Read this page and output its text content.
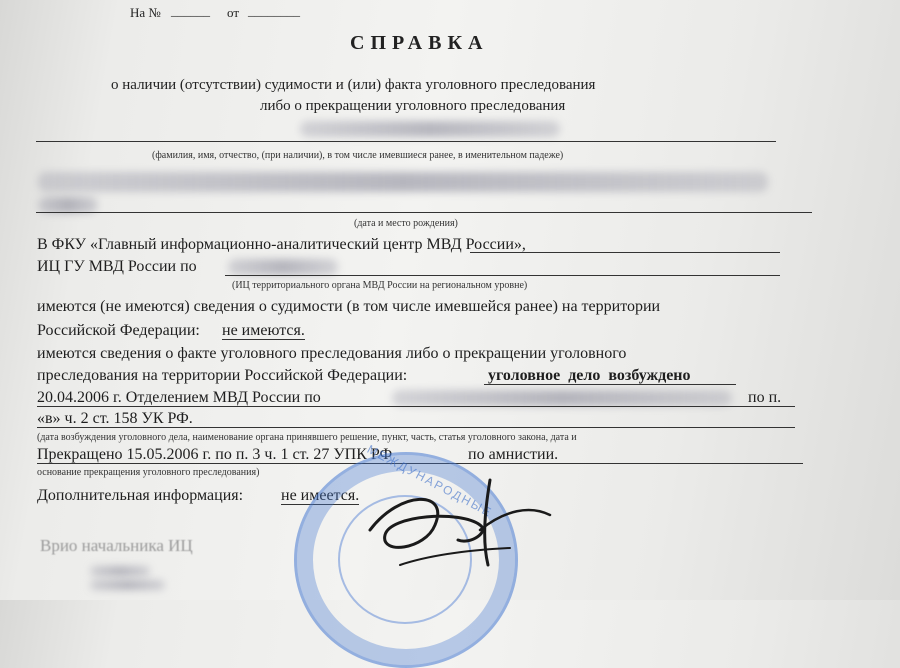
На № ______ от ________
СПРАВКА
о наличии (отсутствии) судимости и (или) факта уголовного преследования
либо о прекращении уголовного преследования
(фамилия, имя, отчество, (при наличии), в том числе имевшиеся ранее, в именительном падеже)
(дата и место рождения)
В ФКУ «Главный информационно-аналитический центр МВД России»,
ИЦ ГУ МВД России по
(ИЦ территориального органа МВД России на региональном уровне)
имеются (не имеются) сведения о судимости (в том числе имевшейся ранее) на территории
Российской Федерации: не имеются.
имеются сведения о факте уголовного преследования либо о прекращении уголовного
преследования на территории Российской Федерации:	уголовное дело возбуждено
20.04.2006 г. Отделением МВД России по	по п.
«в» ч. 2 ст. 158 УК РФ.
(дата возбуждения уголовного дела, наименование органа принявшего решение, пункт, часть, статья уголовного закона, дата и
Прекращено 15.05.2006 г. по п. 3 ч. 1 ст. 27 УПК РФ	по амнистии.
основание прекращения уголовного преследования)
Дополнительная информация: не имеется.
Врио начальника ИЦ
МЕЖДУНАРОДНЫЕ
